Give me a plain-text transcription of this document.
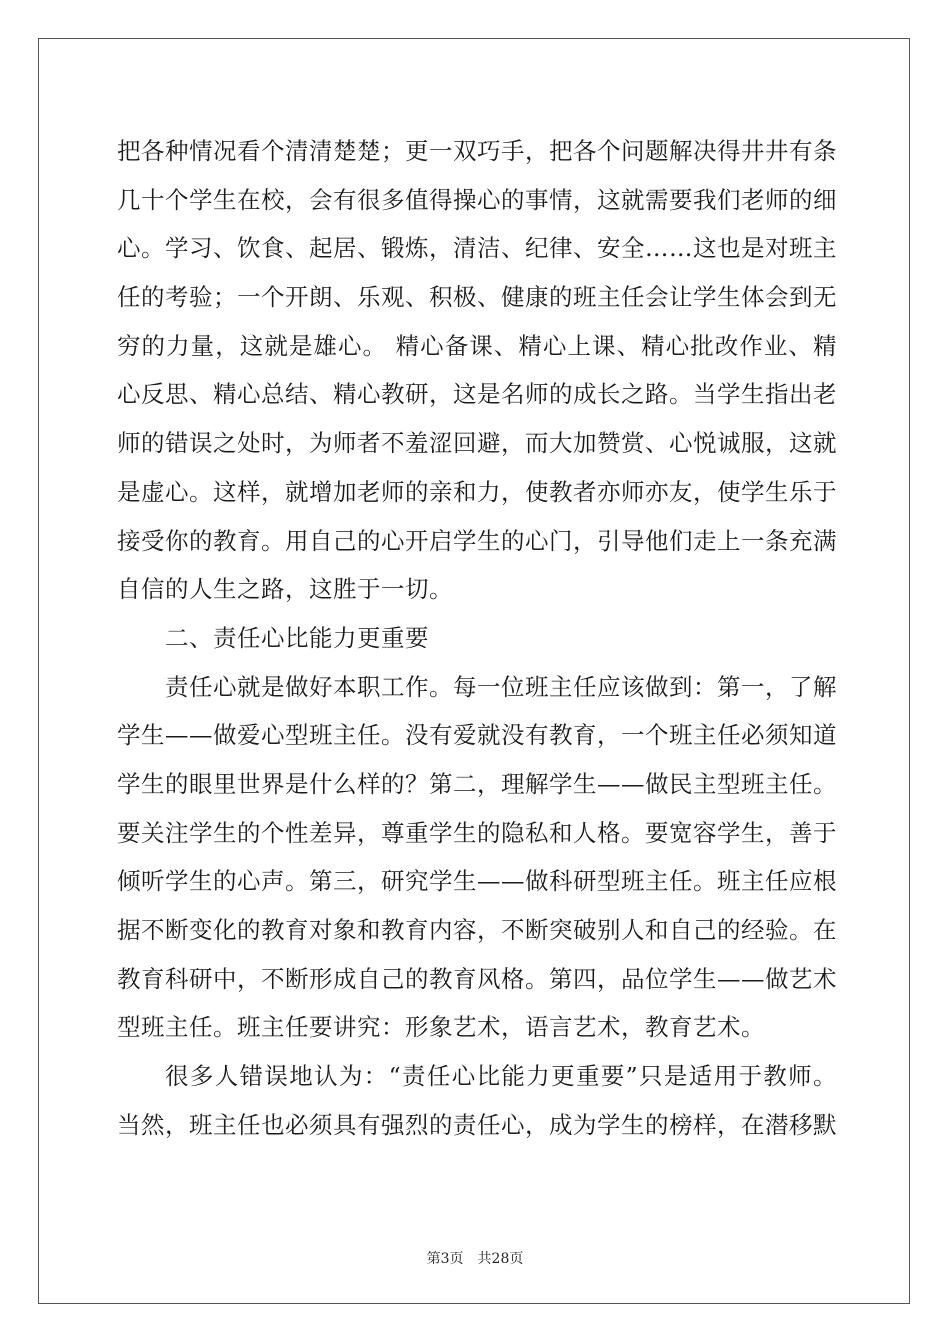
把各种情况看个清清楚楚；更一双巧手，把各个问题解决得井井有条
几十个学生在校，会有很多值得操心的事情，这就需要我们老师的细
心。学习、饮食、起居、锻炼，清洁、纪律、安全……这也是对班主
任的考验；一个开朗、乐观、积极、健康的班主任会让学生体会到无
穷的力量，这就是雄心。 精心备课、精心上课、精心批改作业、精
心反思、精心总结、精心教研，这是名师的成长之路。当学生指出老
师的错误之处时，为师者不羞涩回避，而大加赞赏、心悦诚服，这就
是虚心。这样，就增加老师的亲和力，使教者亦师亦友，使学生乐于
接受你的教育。用自己的心开启学生的心门，引导他们走上一条充满
自信的人生之路，这胜于一切。
二、责任心比能力更重要
责任心就是做好本职工作。每一位班主任应该做到：第一，了解
学生——做爱心型班主任。没有爱就没有教育，一个班主任必须知道
学生的眼里世界是什么样的？第二，理解学生——做民主型班主任。
要关注学生的个性差异，尊重学生的隐私和人格。要宽容学生，善于
倾听学生的心声。第三，研究学生——做科研型班主任。班主任应根
据不断变化的教育对象和教育内容，不断突破别人和自己的经验。在
教育科研中，不断形成自己的教育风格。第四，品位学生——做艺术
型班主任。班主任要讲究：形象艺术，语言艺术，教育艺术。
很多人错误地认为：“责任心比能力更重要”只是适用于教师。
当然，班主任也必须具有强烈的责任心，成为学生的榜样，在潜移默
第3页　共28页
